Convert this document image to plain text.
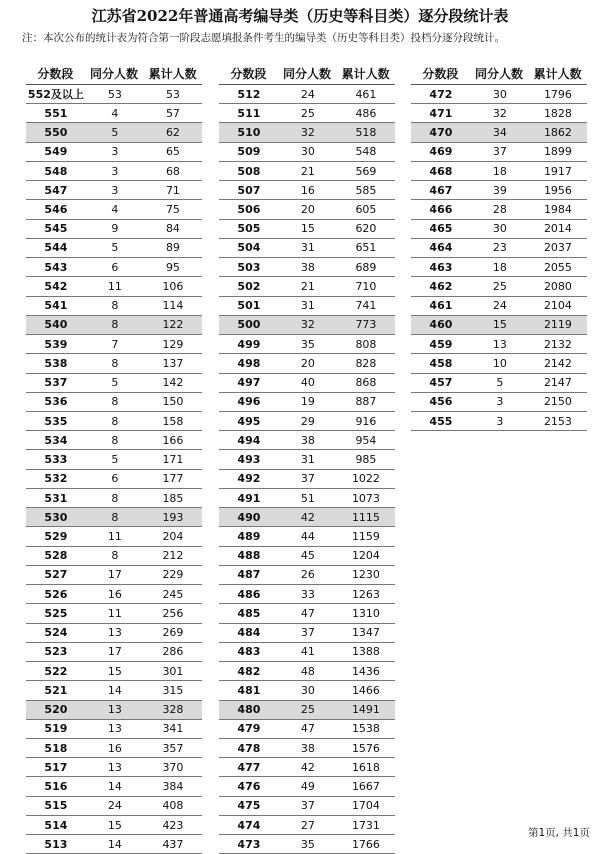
江苏省2022年普通高考编导类（历史等科目类）逐分段统计表
注：本次公布的统计表为符合第一阶段志愿填报条件考生的编导类（历史等科目类）投档分逐分段统计。
分数段	同分人数 累计人数
552及以上	53	53
551	4	57
550	5	62
549	3	65
548	3	68
547	3	71
546	4	75
545	9	84
544	5	89
543	6	95
542	11	106
541	8	114
540	8	122
539	7	129
538	8	137
537	5	142
536	8	150
535	8	158
534	8	166
533	5	171
532	6	177
531	8	185
530	8	193
529	11	204
528	8	212
527	17	229
526	16	245
525	11	256
524	13	269
523	17	286
522	15	301
521	14	315
520	13	328
519	13	341
518	16	357
517	13	370
516	14	384
515	24	408
514	15	423
513	14	437
分数段	同分人数 累计人数
512	24	461
511	25	486
510	32	518
509	30	548
508	21	569
507	16	585
506	20	605
505	15	620
504	31	651
503	38	689
502	21	710
501	31	741
500	32	773
499	35	808
498	20	828
497	40	868
496	19	887
495	29	916
494	38	954
493	31	985
492	37	1022
491	51	1073
490	42	1115
489	44	1159
488	45	1204
487	26	1230
486	33	1263
485	47	1310
484	37	1347
483	41	1388
482	48	1436
481	30	1466
480	25	1491
479	47	1538
478	38	1576
477	42	1618
476	49	1667
475	37	1704
474	27	1731
473	35	1766
分数段	同分人数 累计人数
472	30	1796
471	32	1828
470	34	1862
469	37	1899
468	18	1917
467	39	1956
466	28	1984
465	30	2014
464	23	2037
463	18	2055
462	25	2080
461	24	2104
460	15	2119
459	13	2132
458	10	2142
457	5	2147
456	3	2150
455	3	2153
第1页, 共1页
